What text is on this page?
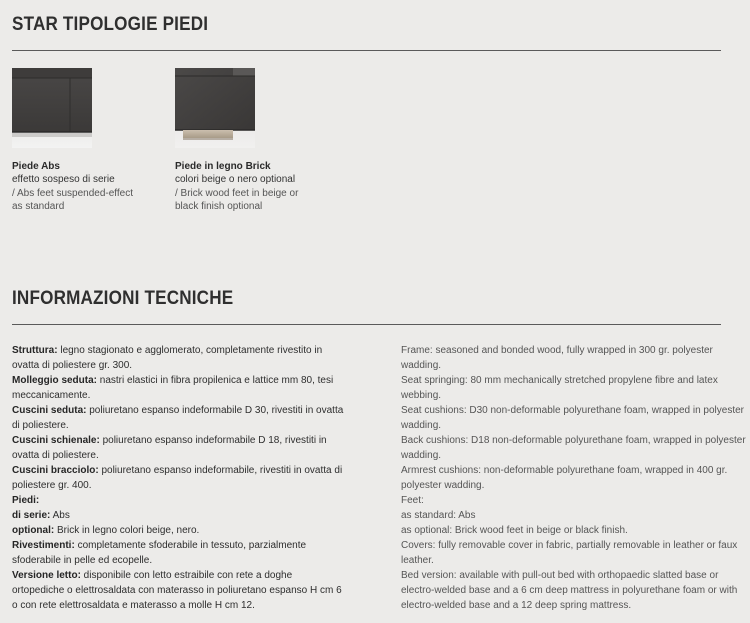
STAR TIPOLOGIE PIEDI
Piede Abs
effetto sospeso di serie
/ Abs feet suspended-effect
as standard
Piede in legno Brick
colori beige o nero optional
/ Brick wood feet in beige or
black finish optional
INFORMAZIONI TECNICHE
Struttura: legno stagionato e agglomerato, completamente rivestito in
ovatta di poliestere gr. 300.
Molleggio seduta: nastri elastici in fibra propilenica e lattice mm 80, tesi
meccanicamente.
Cuscini seduta: poliuretano espanso indeformabile D 30, rivestiti in ovatta
di poliestere.
Cuscini schienale: poliuretano espanso indeformabile D 18, rivestiti in
ovatta di poliestere.
Cuscini bracciolo: poliuretano espanso indeformabile, rivestiti in ovatta di
poliestere gr. 400.
Piedi:
di serie: Abs
optional: Brick in legno colori beige, nero.
Rivestimenti: completamente sfoderabile in tessuto, parzialmente
sfoderabile in pelle ed ecopelle.
Versione letto: disponibile con letto estraibile con rete a doghe
ortopediche o elettrosaldata con materasso in poliuretano espanso H cm 6
o con rete elettrosaldata e materasso a molle H cm 12.
Frame: seasoned and bonded wood, fully wrapped in 300 gr. polyester
wadding.
Seat springing: 80 mm mechanically stretched propylene fibre and latex
webbing.
Seat cushions: D30 non-deformable polyurethane foam, wrapped in polyester
wadding.
Back cushions: D18 non-deformable polyurethane foam, wrapped in polyester
wadding.
Armrest cushions: non-deformable polyurethane foam, wrapped in 400 gr.
polyester wadding.
Feet:
as standard: Abs
as optional: Brick wood feet in beige or black finish.
Covers: fully removable cover in fabric, partially removable in leather or faux
leather.
Bed version: available with pull-out bed with orthopaedic slatted base or
electro-welded base and a 6 cm deep mattress in polyurethane foam or with
electro-welded base and a 12 deep spring mattress.
